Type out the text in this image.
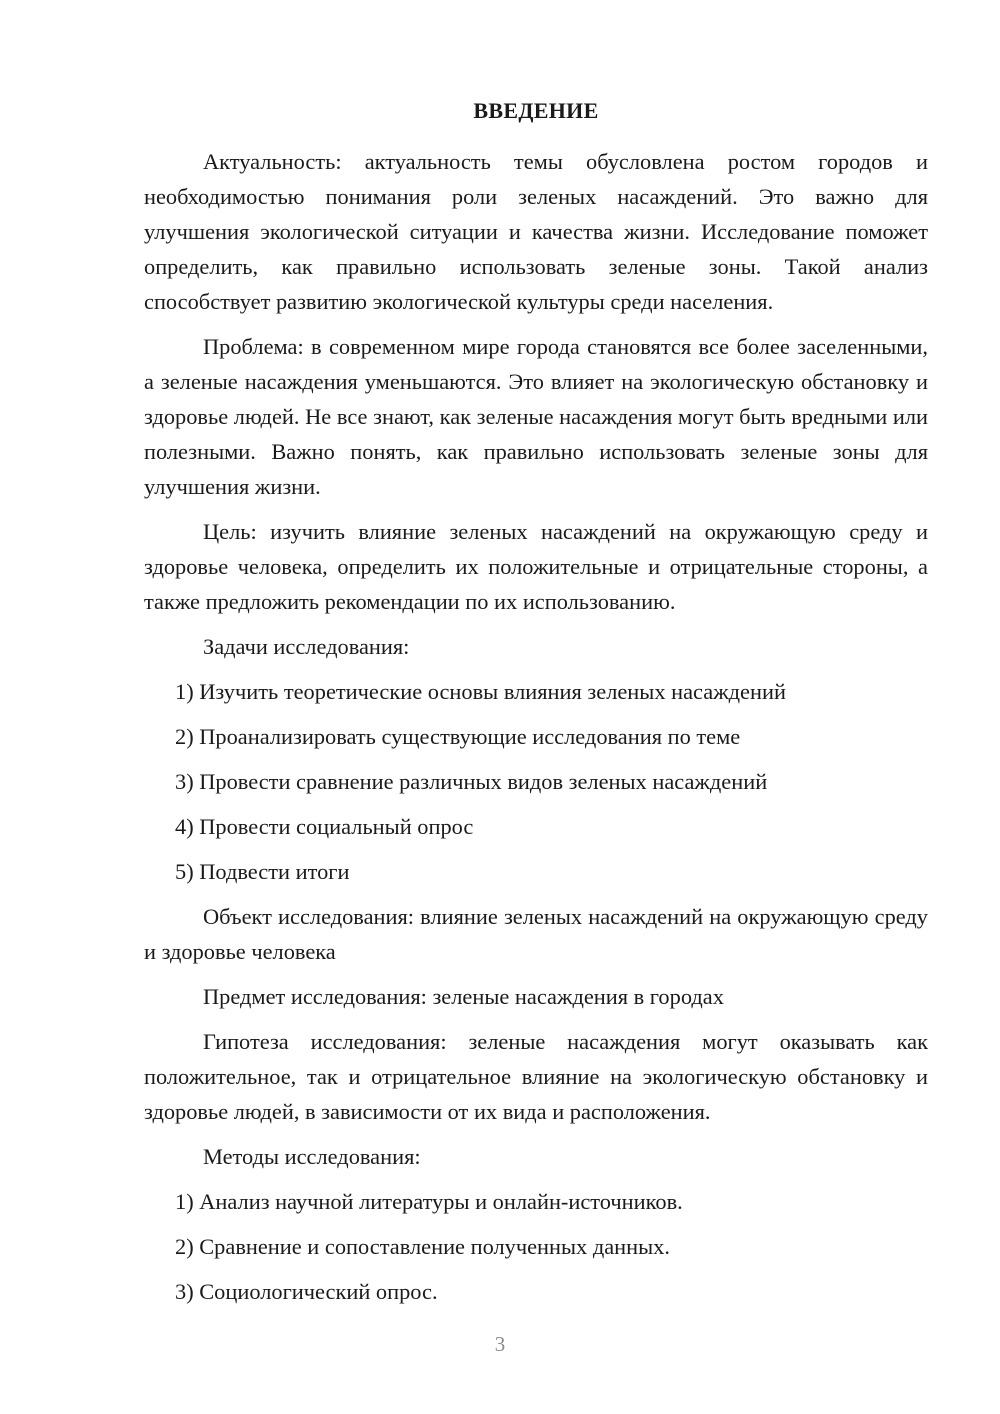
ВВЕДЕНИЕ

Актуальность: актуальность темы обусловлена ростом городов и необходимостью понимания роли зеленых насаждений. Это важно для улучшения экологической ситуации и качества жизни. Исследование поможет определить, как правильно использовать зеленые зоны. Такой анализ способствует развитию экологической культуры среди населения.

Проблема: в современном мире города становятся все более заселенными, а зеленые насаждения уменьшаются. Это влияет на экологическую обстановку и здоровье людей. Не все знают, как зеленые насаждения могут быть вредными или полезными. Важно понять, как правильно использовать зеленые зоны для улучшения жизни.

Цель: изучить влияние зеленых насаждений на окружающую среду и здоровье человека, определить их положительные и отрицательные стороны, а также предложить рекомендации по их использованию.

Задачи исследования:

1) Изучить теоретические основы влияния зеленых насаждений

2) Проанализировать существующие исследования по теме

3) Провести сравнение различных видов зеленых насаждений

4) Провести социальный опрос

5) Подвести итоги

Объект исследования: влияние зеленых насаждений на окружающую среду и здоровье человека

Предмет исследования: зеленые насаждения в городах

Гипотеза исследования: зеленые насаждения могут оказывать как положительное, так и отрицательное влияние на экологическую обстановку и здоровье людей, в зависимости от их вида и расположения.

Методы исследования:

1) Анализ научной литературы и онлайн-источников.

2) Сравнение и сопоставление полученных данных.

3) Социологический опрос.

3
